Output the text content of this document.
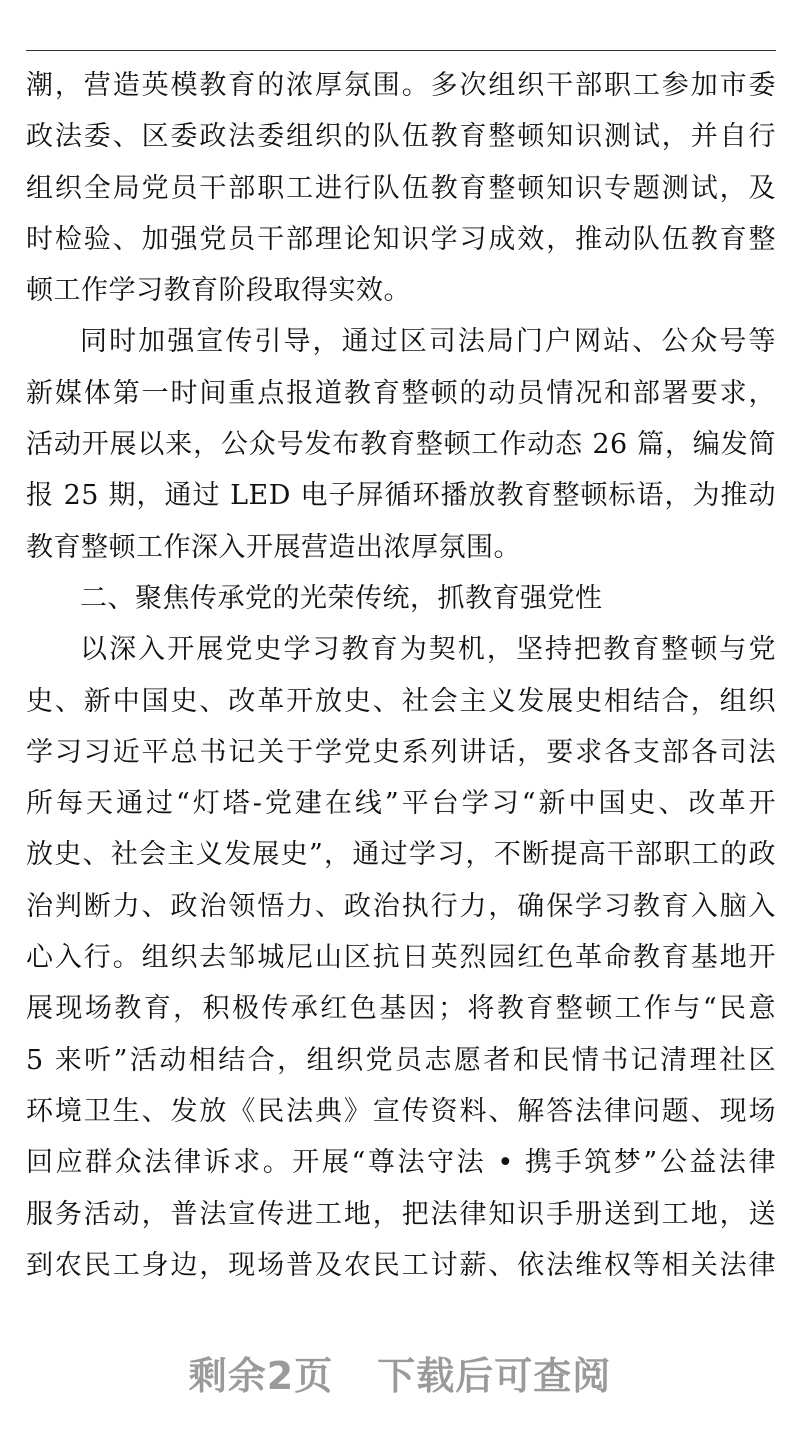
潮，营造英模教育的浓厚氛围。多次组织干部职工参加市委
政法委、区委政法委组织的队伍教育整顿知识测试，并自行
组织全局党员干部职工进行队伍教育整顿知识专题测试，及
时检验、加强党员干部理论知识学习成效，推动队伍教育整
顿工作学习教育阶段取得实效。
同时加强宣传引导，通过区司法局门户网站、公众号等
新媒体第一时间重点报道教育整顿的动员情况和部署要求，
活动开展以来，公众号发布教育整顿工作动态 26 篇，编发简
报 25 期，通过 LED 电子屏循环播放教育整顿标语，为推动
教育整顿工作深入开展营造出浓厚氛围。
二、聚焦传承党的光荣传统，抓教育强党性
以深入开展党史学习教育为契机，坚持把教育整顿与党
史、新中国史、改革开放史、社会主义发展史相结合，组织
学习习近平总书记关于学党史系列讲话，要求各支部各司法
所每天通过“灯塔-党建在线”平台学习“新中国史、改革开
放史、社会主义发展史”，通过学习，不断提高干部职工的政
治判断力、政治领悟力、政治执行力，确保学习教育入脑入
心入行。组织去邹城尼山区抗日英烈园红色革命教育基地开
展现场教育，积极传承红色基因；将教育整顿工作与“民意
5 来听”活动相结合，组织党员志愿者和民情书记清理社区
环境卫生、发放《民法典》宣传资料、解答法律问题、现场
回应群众法律诉求。开展“尊法守法 • 携手筑梦”公益法律
服务活动，普法宣传进工地，把法律知识手册送到工地，送
到农民工身边，现场普及农民工讨薪、依法维权等相关法律
剩余2页 下载后可查阅
